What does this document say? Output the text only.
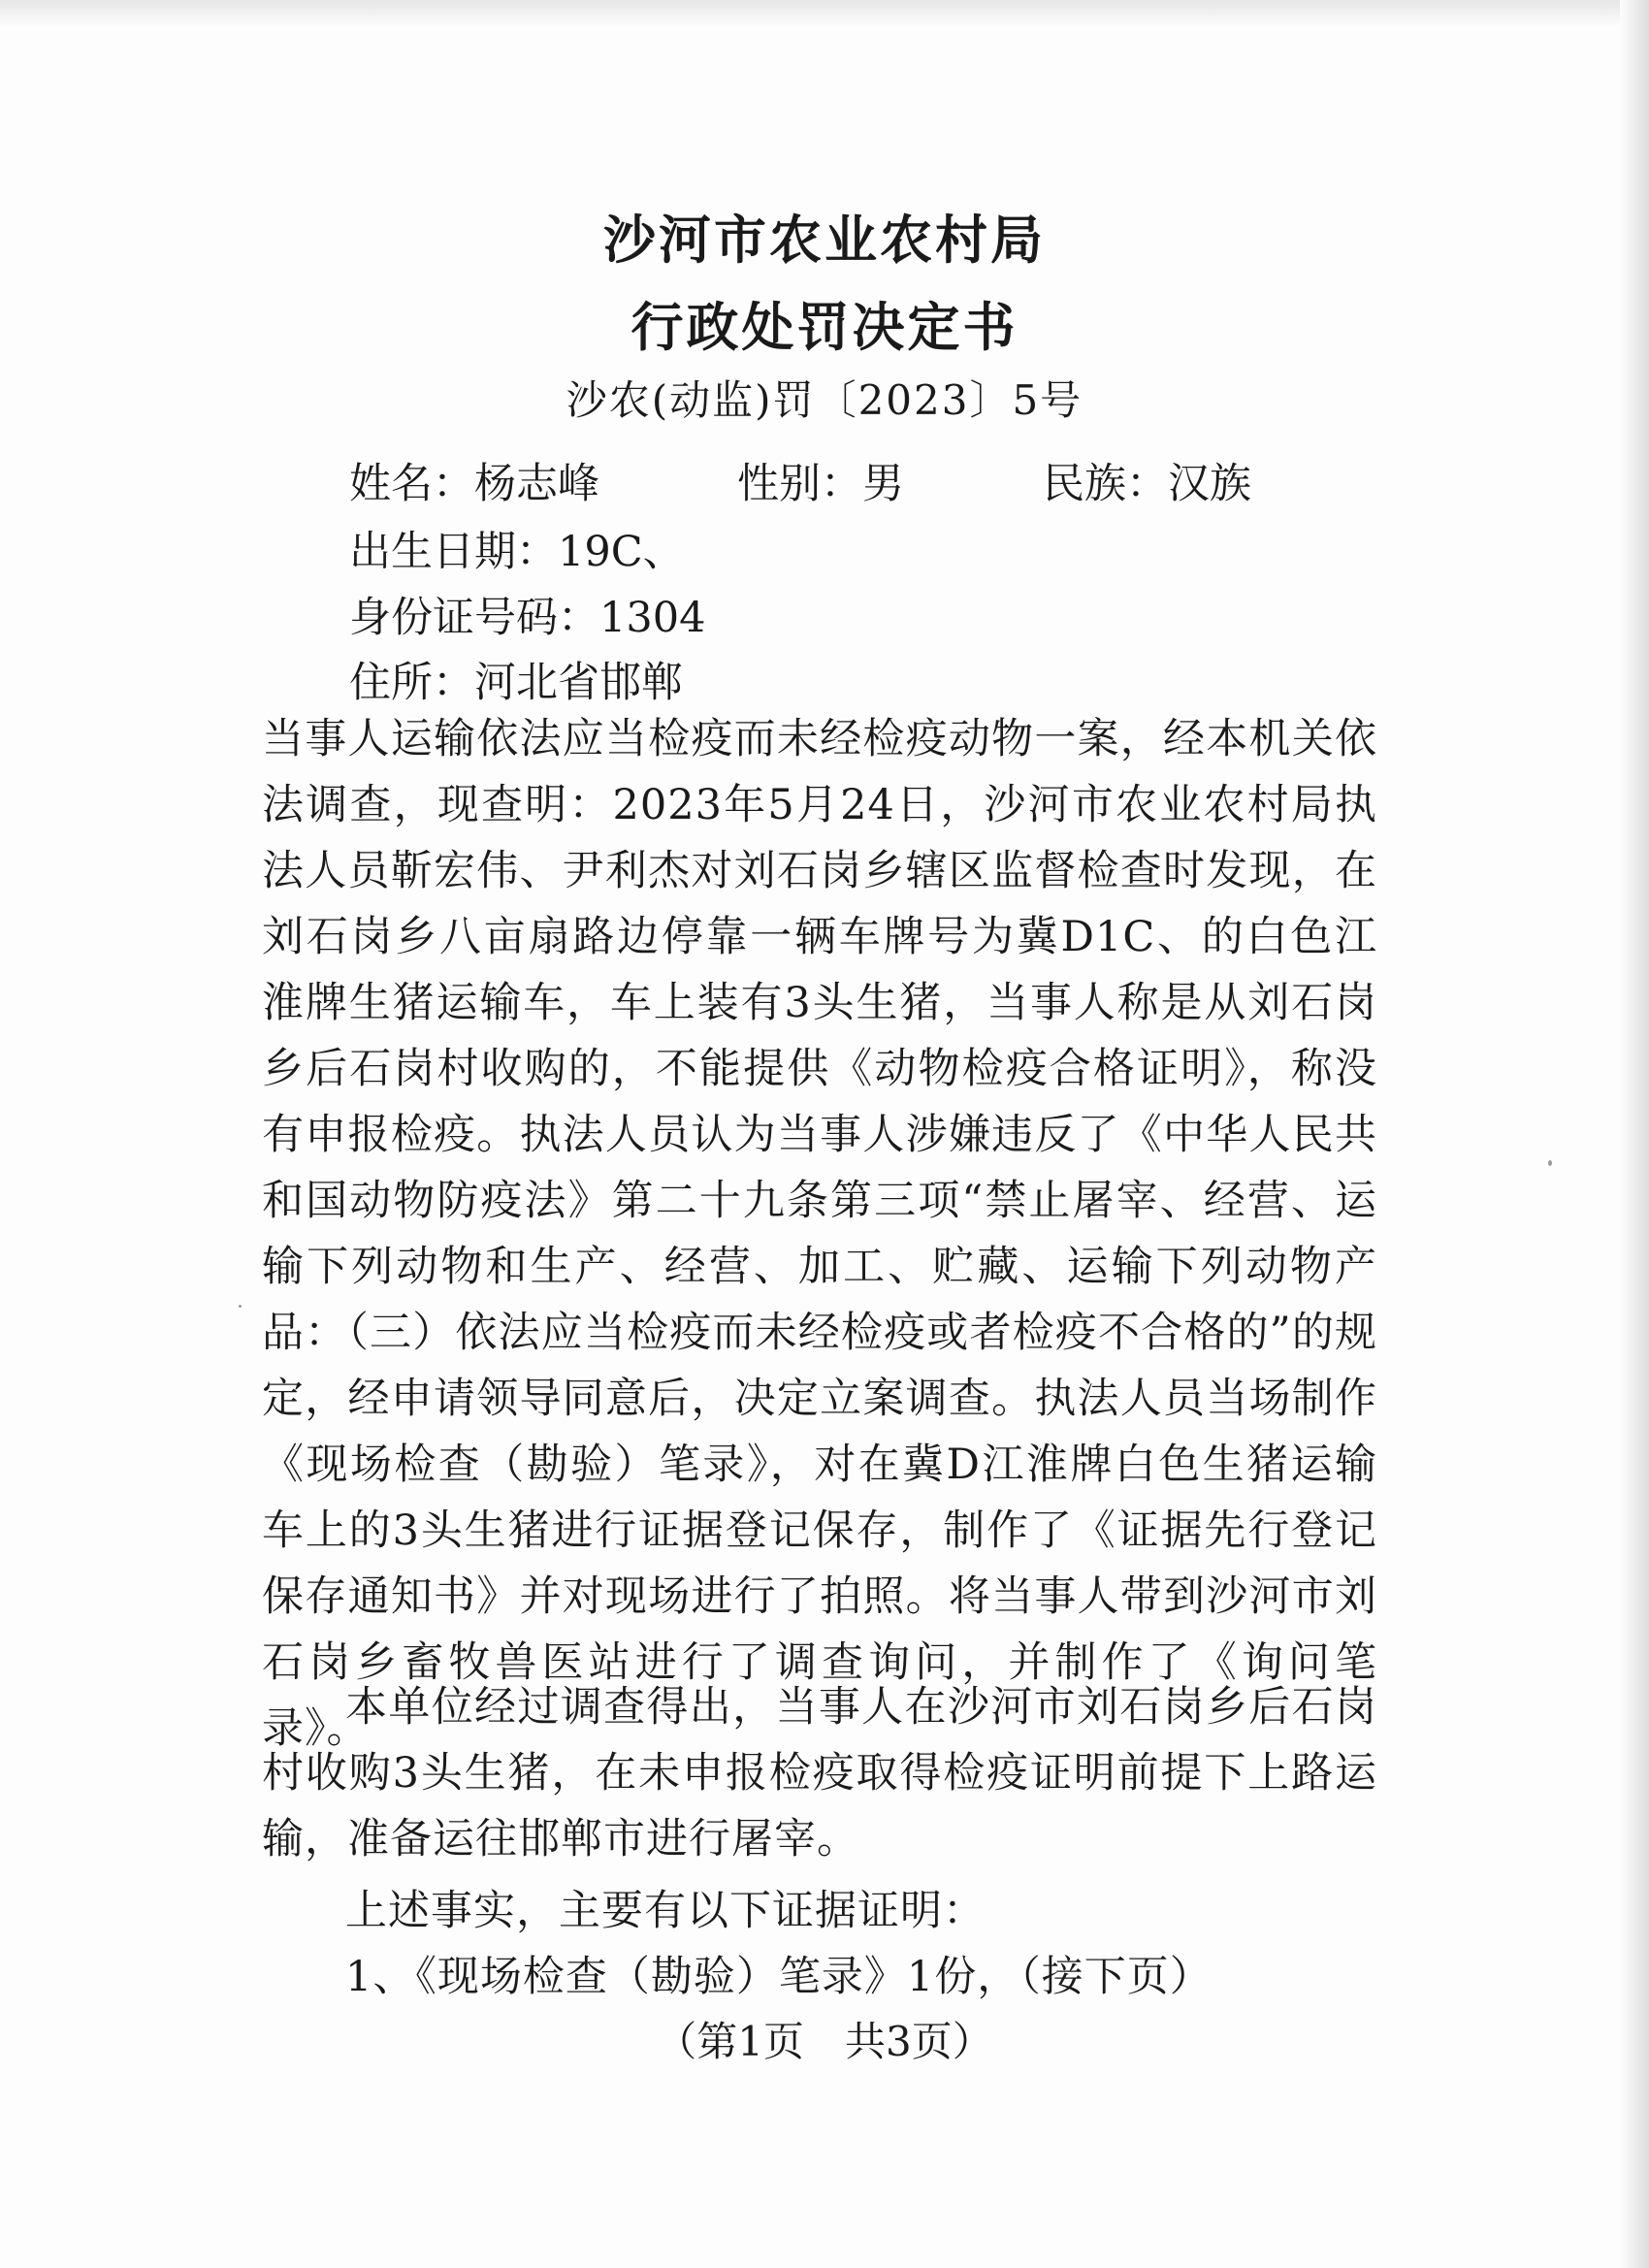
沙河市农业农村局
行政处罚决定书
沙农(动监)罚〔2023〕5号
姓名：杨志峰	性别：男	民族：汉族
出生日期：19C、
身份证号码：1304
住所：河北省邯郸
当事人运输依法应当检疫而未经检疫动物一案，经本机关依法调查，现查明：2023年5月24日，沙河市农业农村局执法人员靳宏伟、尹利杰对刘石岗乡辖区监督检查时发现，在刘石岗乡八亩扇路边停靠一辆车牌号为冀D1C、的白色江淮牌生猪运输车，车上装有3头生猪，当事人称是从刘石岗乡后石岗村收购的，不能提供《动物检疫合格证明》，称没有申报检疫。执法人员认为当事人涉嫌违反了《中华人民共和国动物防疫法》第二十九条第三项“禁止屠宰、经营、运输下列动物和生产、经营、加工、贮藏、运输下列动物产品：（三）依法应当检疫而未经检疫或者检疫不合格的”的规定，经申请领导同意后，决定立案调查。执法人员当场制作《现场检查（勘验）笔录》，对在冀D江淮牌白色生猪运输车上的3头生猪进行证据登记保存，制作了《证据先行登记保存通知书》并对现场进行了拍照。将当事人带到沙河市刘石岗乡畜牧兽医站进行了调查询问，并制作了《询问笔录》。
本单位经过调查得出，当事人在沙河市刘石岗乡后石岗村收购3头生猪，在未申报检疫取得检疫证明前提下上路运输，准备运往邯郸市进行屠宰。
上述事实，主要有以下证据证明：
1、《现场检查（勘验）笔录》1份，（接下页）
（第1页　共3页）
